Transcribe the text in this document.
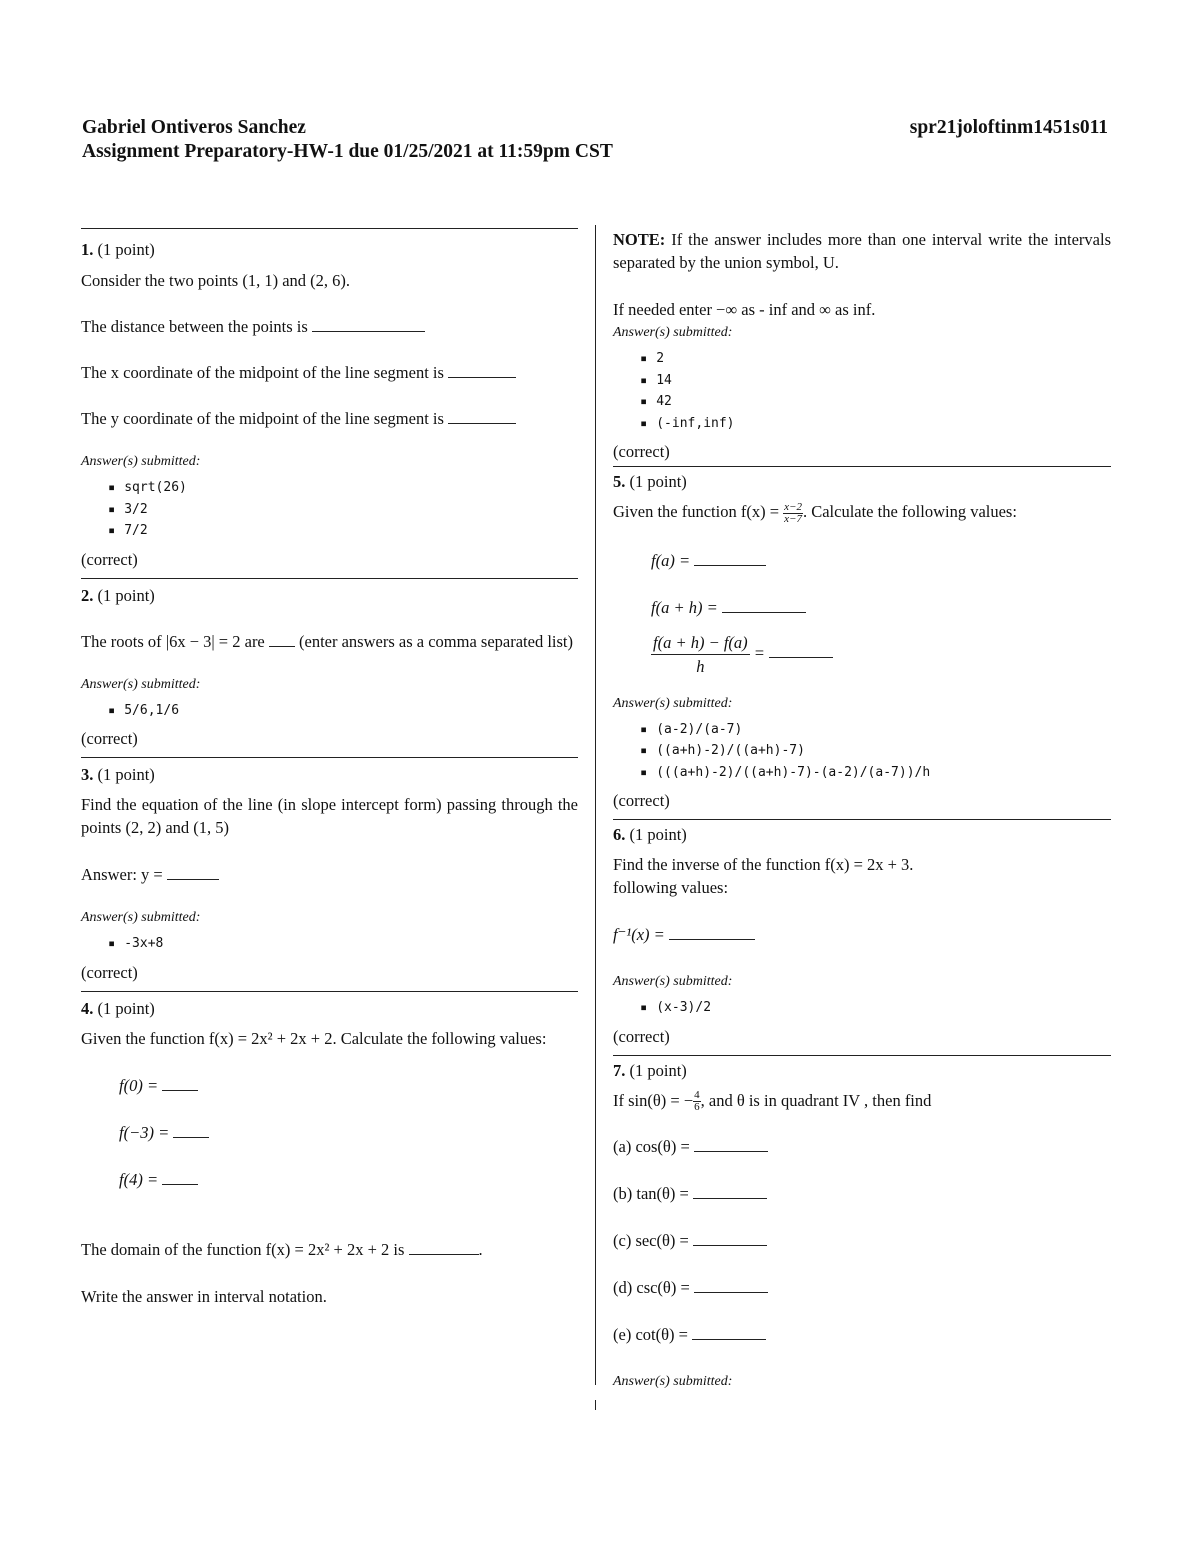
Gabriel Ontiveros Sanchez	spr21joloftinm1451s011
Assignment Preparatory-HW-1 due 01/25/2021 at 11:59pm CST
1. (1 point)
Consider the two points (1, 1) and (2, 6).
The distance between the points is
The x coordinate of the midpoint of the line segment is
The y coordinate of the midpoint of the line segment is
Answer(s) submitted:
▪ sqrt(26)
▪ 3/2
▪ 7/2
(correct)
2. (1 point)
The roots of |6x − 3| = 2 are (enter answers as a comma separated list)
Answer(s) submitted:
▪ 5/6,1/6
(correct)
3. (1 point)
Find the equation of the line (in slope intercept form) passing through the points (2, 2) and (1, 5)
Answer: y =
Answer(s) submitted:
▪ -3x+8
(correct)
4. (1 point)
Given the function f(x) = 2x² + 2x + 2. Calculate the following values:
f(0) =
f(−3) =
f(4) =
The domain of the function f(x) = 2x² + 2x + 2 is	.
Write the answer in interval notation.
NOTE: If the answer includes more than one interval write the intervals separated by the union symbol, U.
If needed enter −∞ as - inf and ∞ as inf.
Answer(s) submitted:
▪ 2
▪ 14
▪ 42
▪ (-inf,inf)
(correct)
5. (1 point)
Given the function $f(x) = \frac{x-2}{x-7}$ . Calculate the following values:
f(a) =
f(a + h) =
$\frac{f(a + h) - f(a)}{h}$ =
Answer(s) submitted:
▪ (a-2)/(a-7)
▪ ((a+h)-2)/((a+h)-7)
▪ (((a+h)-2)/((a+h)-7)-(a-2)/(a-7))/h
(correct)
6. (1 point)
Find the inverse of the function f(x) = 2x + 3.
following values:
f⁻¹(x) =
Answer(s) submitted:
▪ (x-3)/2
(correct)
7. (1 point)
If sin(θ) = − $\frac{4}{6}$ , and θ is in quadrant IV , then find
(a) cos(θ) =
(b) tan(θ) =
(c) sec(θ) =
(d) csc(θ) =
(e) cot(θ) =
Answer(s) submitted:
